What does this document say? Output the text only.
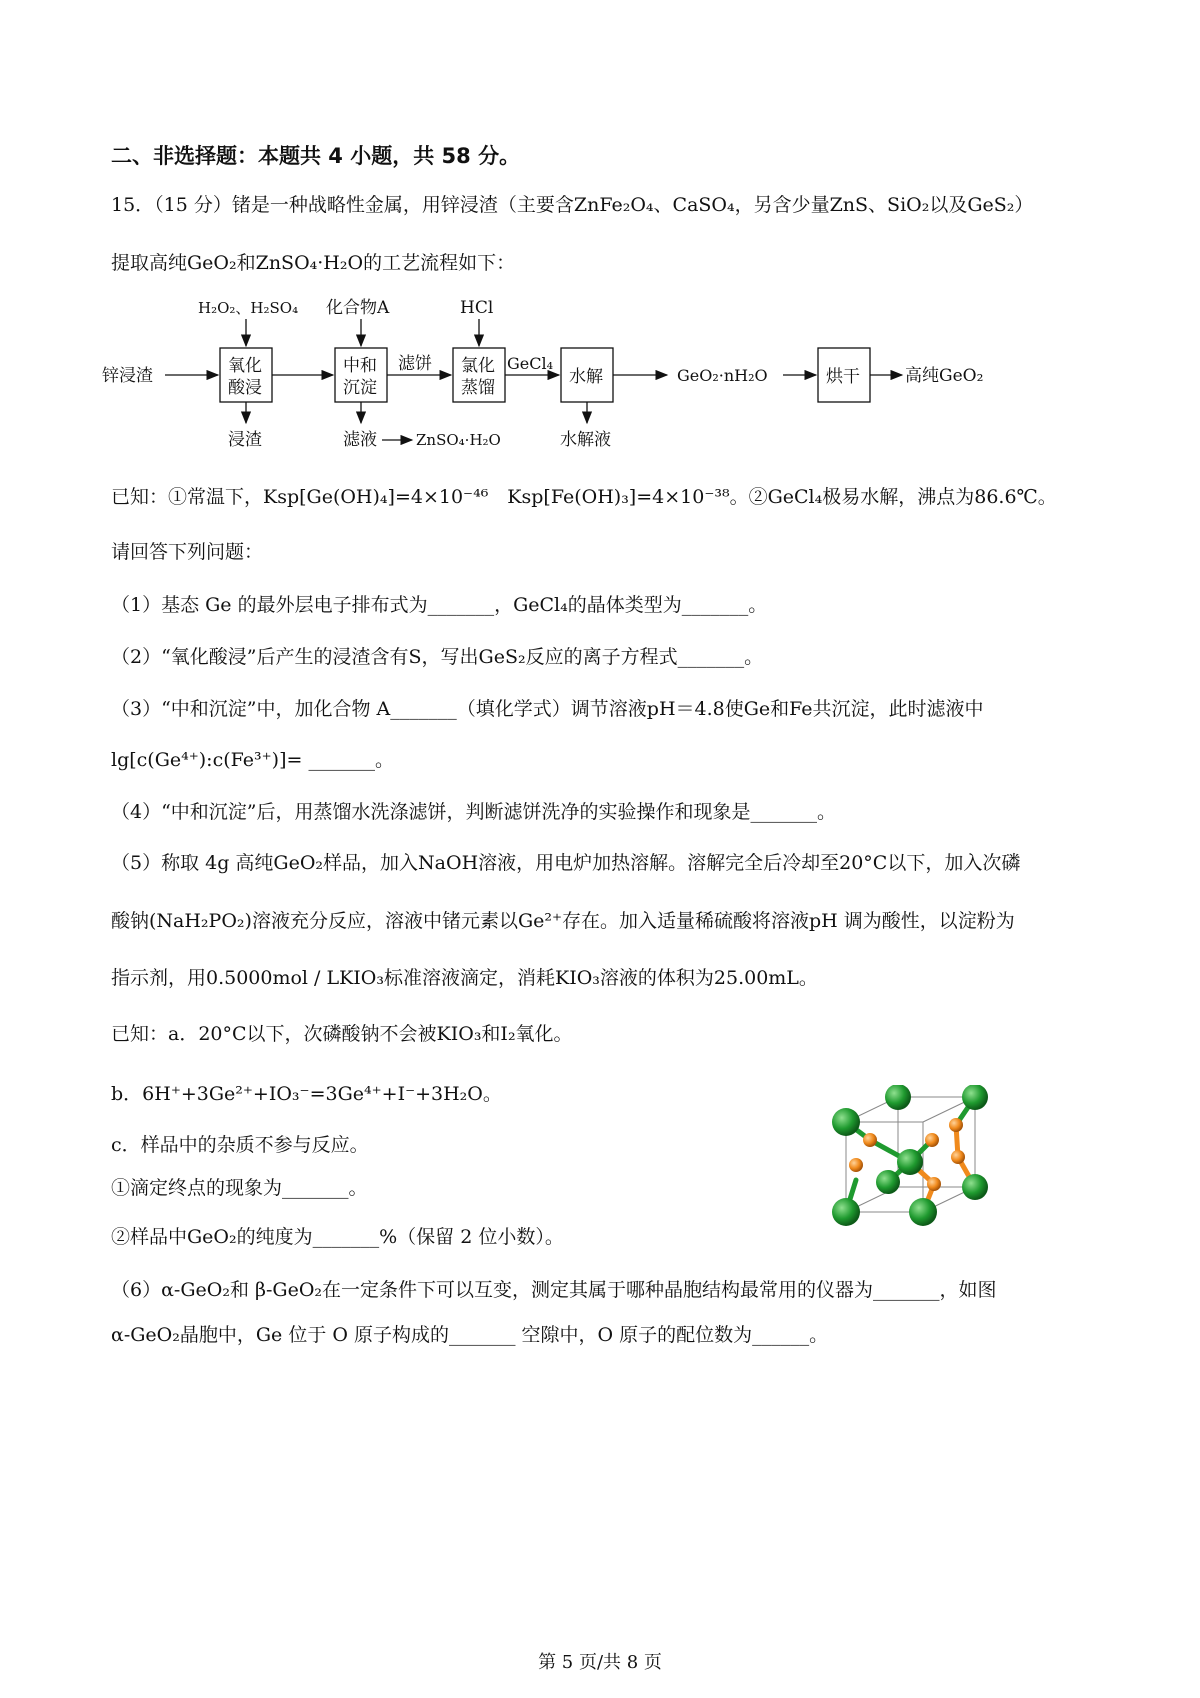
二、非选择题：本题共 4 小题，共 58 分。
15．（15 分）锗是一种战略性金属，用锌浸渣（主要含ZnFe₂O₄、CaSO₄，另含少量ZnS、SiO₂以及GeS₂）
提取高纯GeO₂和ZnSO₄·H₂O的工艺流程如下：
锌浸渣	氧化
酸浸
H₂O₂、H₂SO₄
浸渣
中和
沉淀
化合物A
滤液	ZnSO₄·H₂O
滤饼 氯化
蒸馏
HCl
GeCl₄
水解
水解液
GeO₂·nH₂O	烘干	高纯GeO₂
已知：①常温下，Ksp[Ge(OH)₄]=4×10⁻⁴⁶　Ksp[Fe(OH)₃]=4×10⁻³⁸。②GeCl₄极易水解，沸点为86.6℃。
请回答下列问题：
（1）基态 Ge 的最外层电子排布式为_______，GeCl₄的晶体类型为_______。
（2）“氧化酸浸”后产生的浸渣含有S，写出GeS₂反应的离子方程式_______。
（3）“中和沉淀”中，加化合物 A_______（填化学式）调节溶液pH＝4.8使Ge和Fe共沉淀，此时滤液中
lg[c(Ge⁴⁺):c(Fe³⁺)]= _______。
（4）“中和沉淀”后，用蒸馏水洗涤滤饼，判断滤饼洗净的实验操作和现象是_______。
（5）称取 4g 高纯GeO₂样品，加入NaOH溶液，用电炉加热溶解。溶解完全后冷却至20°C以下，加入次磷
酸钠(NaH₂PO₂)溶液充分反应，溶液中锗元素以Ge²⁺存在。加入适量稀硫酸将溶液pH 调为酸性，以淀粉为
指示剂，用0.5000mol / LKIO₃标准溶液滴定，消耗KIO₃溶液的体积为25.00mL。
已知：a．20°C以下，次磷酸钠不会被KIO₃和I₂氧化。
b．6H⁺+3Ge²⁺+IO₃⁻=3Ge⁴⁺+I⁻+3H₂O。
c．样品中的杂质不参与反应。
①滴定终点的现象为_______。
②样品中GeO₂的纯度为_______%（保留 2 位小数）。
（6）α-GeO₂和 β-GeO₂在一定条件下可以互变，测定其属于哪种晶胞结构最常用的仪器为_______，如图
α-GeO₂晶胞中，Ge 位于 O 原子构成的_______ 空隙中，O 原子的配位数为______。
第 5 页/共 8 页
